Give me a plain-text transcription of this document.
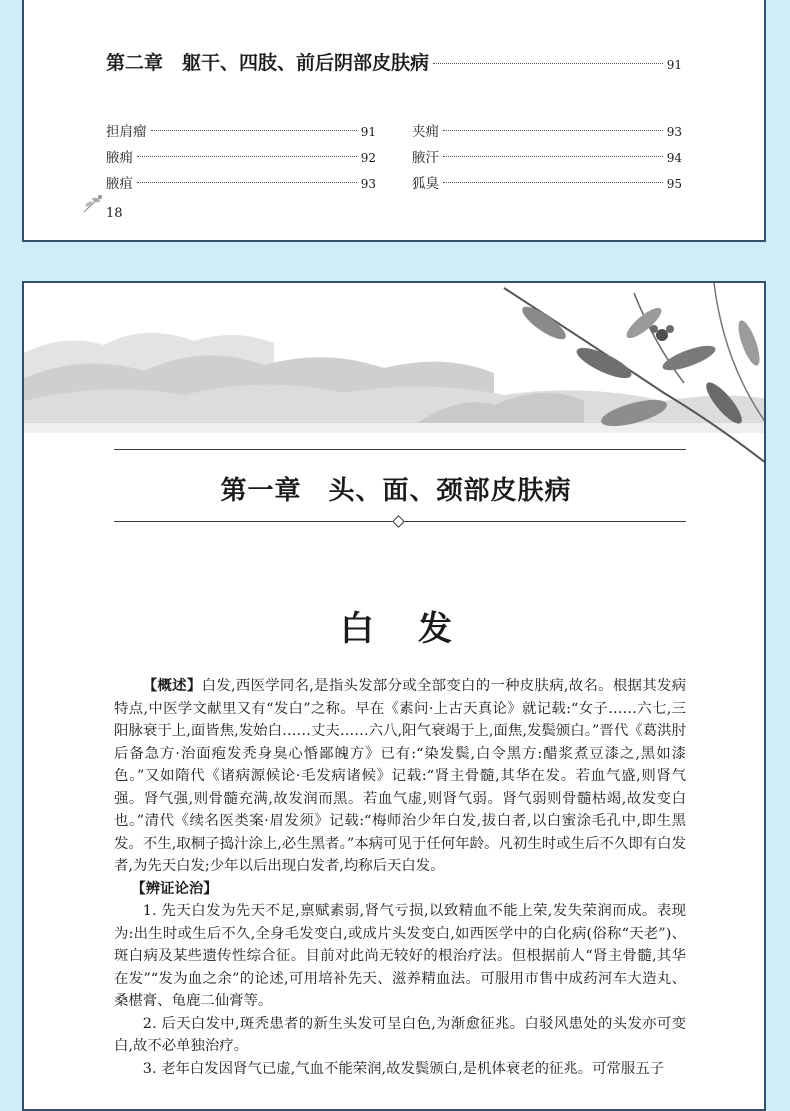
第二章　躯干、四肢、前后阴部皮肤病	91
担肩瘤	91	夹痈	93
腋痈	92	腋汗	94
腋疽	93	狐臭	95
18
第一章　头、面、颈部皮肤病
白发

【概述】白发,西医学同名,是指头发部分或全部变白的一种皮肤病,故名。根据其发病特点,中医学文献里又有“发白”之称。早在《素问·上古天真论》就记载:“女子……六七,三阳脉衰于上,面皆焦,发始白……丈夫……六八,阳气衰竭于上,面焦,发鬓颁白。”晋代《葛洪肘后备急方·治面疱发秃身臭心惛鄙魄方》已有:“染发鬓,白令黑方:醋浆煮豆漆之,黑如漆色。”又如隋代《诸病源候论·毛发病诸候》记载:“肾主骨髓,其华在发。若血气盛,则肾气强。肾气强,则骨髓充满,故发润而黑。若血气虚,则肾气弱。肾气弱则骨髓枯竭,故发变白也。”清代《续名医类案·眉发须》记载:“梅师治少年白发,拔白者,以白蜜涂毛孔中,即生黑发。不生,取桐子捣汁涂上,必生黑者。”本病可见于任何年龄。凡初生时或生后不久即有白发者,为先天白发;少年以后出现白发者,均称后天白发。

【辨证论治】

1. 先天白发为先天不足,禀赋素弱,肾气亏损,以致精血不能上荣,发失荣润而成。表现为:出生时或生后不久,全身毛发变白,或成片头发变白,如西医学中的白化病(俗称“天老”)、斑白病及某些遗传性综合征。目前对此尚无较好的根治疗法。但根据前人“肾主骨髓,其华在发”“发为血之余”的论述,可用培补先天、滋养精血法。可服用市售中成药河车大造丸、桑椹膏、龟鹿二仙膏等。

2. 后天白发中,斑秃患者的新生头发可呈白色,为渐愈征兆。白驳风患处的头发亦可变白,故不必单独治疗。

3. 老年白发因肾气已虚,气血不能荣润,故发鬓颁白,是机体衰老的征兆。可常服五子
